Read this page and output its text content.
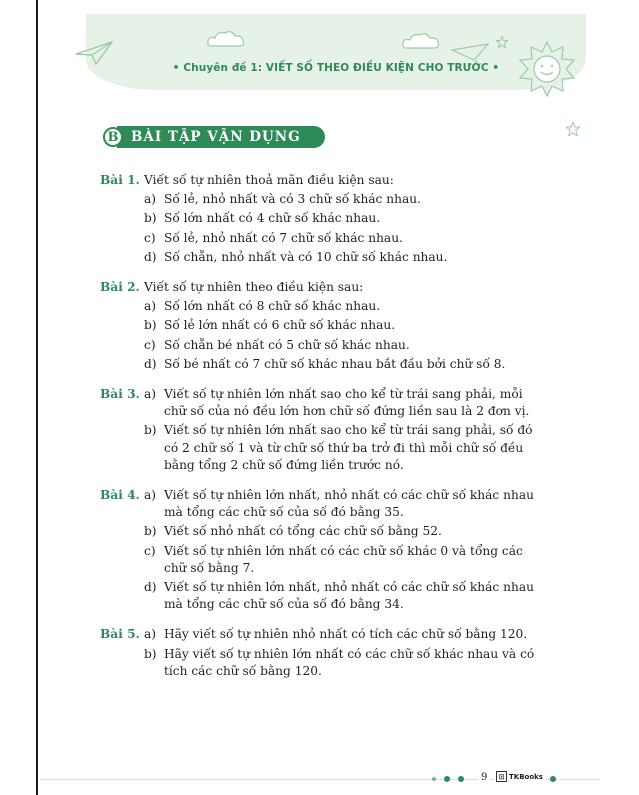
• Chuyên đề 1: VIẾT SỐ THEO ĐIỀU KIỆN CHO TRƯỚC •
B BÀI TẬP VẬN DỤNG
Bài 1. Viết số tự nhiên thoả mãn điều kiện sau:
a) Số lẻ, nhỏ nhất và có 3 chữ số khác nhau.
b) Số lớn nhất có 4 chữ số khác nhau.
c) Số lẻ, nhỏ nhất có 7 chữ số khác nhau.
d) Số chẵn, nhỏ nhất và có 10 chữ số khác nhau.
Bài 2. Viết số tự nhiên theo điều kiện sau:
a) Số lớn nhất có 8 chữ số khác nhau.
b) Số lẻ lớn nhất có 6 chữ số khác nhau.
c) Số chẵn bé nhất có 5 chữ số khác nhau.
d) Số bé nhất có 7 chữ số khác nhau bắt đầu bởi chữ số 8.
Bài 3. a) Viết số tự nhiên lớn nhất sao cho kể từ trái sang phải, mỗi chữ số của nó đều lớn hơn chữ số đứng liền sau là 2 đơn vị.
b) Viết số tự nhiên lớn nhất sao cho kể từ trái sang phải, số đó có 2 chữ số 1 và từ chữ số thứ ba trở đi thì mỗi chữ số đều bằng tổng 2 chữ số đứng liền trước nó.
Bài 4. a) Viết số tự nhiên lớn nhất, nhỏ nhất có các chữ số khác nhau mà tổng các chữ số của số đó bằng 35.
b) Viết số nhỏ nhất có tổng các chữ số bằng 52.
c) Viết số tự nhiên lớn nhất có các chữ số khác 0 và tổng các chữ số bằng 7.
d) Viết số tự nhiên lớn nhất, nhỏ nhất có các chữ số khác nhau mà tổng các chữ số của số đó bằng 34.
Bài 5. a) Hãy viết số tự nhiên nhỏ nhất có tích các chữ số bằng 120.
b) Hãy viết số tự nhiên lớn nhất có các chữ số khác nhau và có tích các chữ số bằng 120.
9	⊡ TKBooks
